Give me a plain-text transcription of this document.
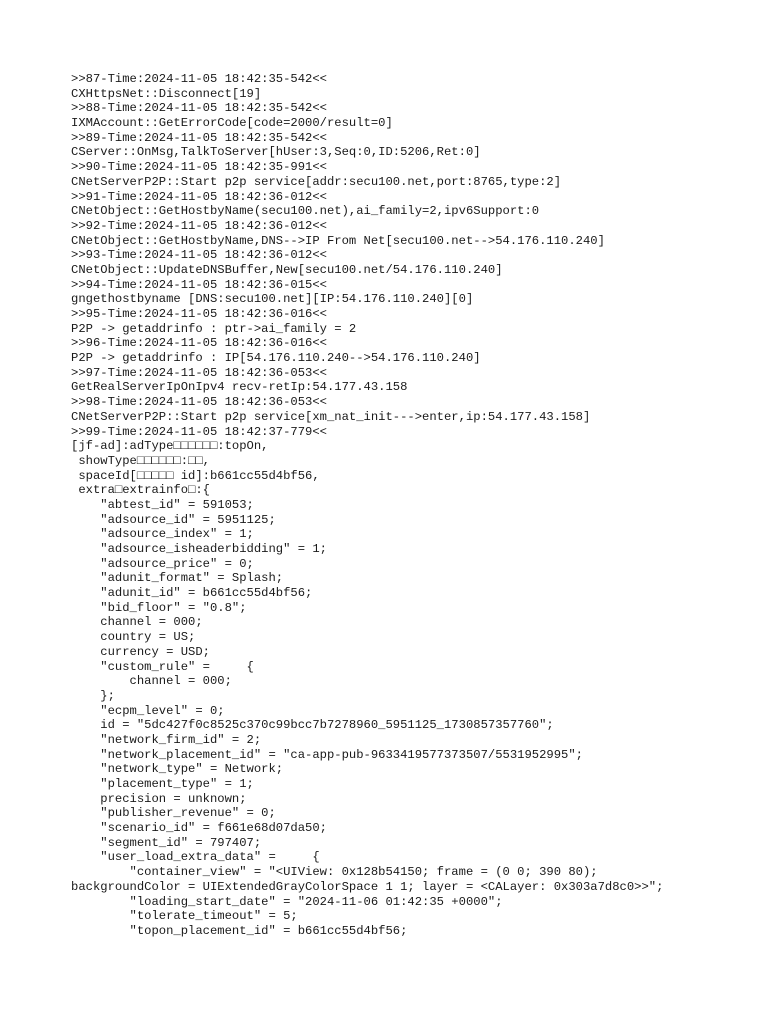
>>87-Time:2024-11-05 18:42:35-542<<
CXHttpsNet::Disconnect[19]
>>88-Time:2024-11-05 18:42:35-542<<
IXMAccount::GetErrorCode[code=2000/result=0]
>>89-Time:2024-11-05 18:42:35-542<<
CServer::OnMsg,TalkToServer[hUser:3,Seq:0,ID:5206,Ret:0]
>>90-Time:2024-11-05 18:42:35-991<<
CNetServerP2P::Start p2p service[addr:secu100.net,port:8765,type:2]
>>91-Time:2024-11-05 18:42:36-012<<
CNetObject::GetHostbyName(secu100.net),ai_family=2,ipv6Support:0
>>92-Time:2024-11-05 18:42:36-012<<
CNetObject::GetHostbyName,DNS-->IP From Net[secu100.net-->54.176.110.240]
>>93-Time:2024-11-05 18:42:36-012<<
CNetObject::UpdateDNSBuffer,New[secu100.net/54.176.110.240]
>>94-Time:2024-11-05 18:42:36-015<<
gngethostbyname [DNS:secu100.net][IP:54.176.110.240][0]
>>95-Time:2024-11-05 18:42:36-016<<
P2P -> getaddrinfo : ptr->ai_family = 2
>>96-Time:2024-11-05 18:42:36-016<<
P2P -> getaddrinfo : IP[54.176.110.240-->54.176.110.240]
>>97-Time:2024-11-05 18:42:36-053<<
GetRealServerIpOnIpv4 recv-retIp:54.177.43.158
>>98-Time:2024-11-05 18:42:36-053<<
CNetServerP2P::Start p2p service[xm_nat_init--->enter,ip:54.177.43.158]
>>99-Time:2024-11-05 18:42:37-779<<
[jf-ad]:adType□□□□□□:topOn,
showType□□□□□□:□□,
spaceId[□□□□□ id]:b661cc55d4bf56,
extra□extrainfo□:{
"abtest_id" = 591053;
"adsource_id" = 5951125;
"adsource_index" = 1;
"adsource_isheaderbidding" = 1;
"adsource_price" = 0;
"adunit_format" = Splash;
"adunit_id" = b661cc55d4bf56;
"bid_floor" = "0.8";
channel = 000;
country = US;
currency = USD;
"custom_rule" =     {
channel = 000;
};
"ecpm_level" = 0;
id = "5dc427f0c8525c370c99bcc7b7278960_5951125_1730857357760";
"network_firm_id" = 2;
"network_placement_id" = "ca-app-pub-9633419577373507/5531952995";
"network_type" = Network;
"placement_type" = 1;
precision = unknown;
"publisher_revenue" = 0;
"scenario_id" = f661e68d07da50;
"segment_id" = 797407;
"user_load_extra_data" =     {
"container_view" = "<UIView: 0x128b54150; frame = (0 0; 390 80);
backgroundColor = UIExtendedGrayColorSpace 1 1; layer = <CALayer: 0x303a7d8c0>>";
"loading_start_date" = "2024-11-06 01:42:35 +0000";
"tolerate_timeout" = 5;
"topon_placement_id" = b661cc55d4bf56;
